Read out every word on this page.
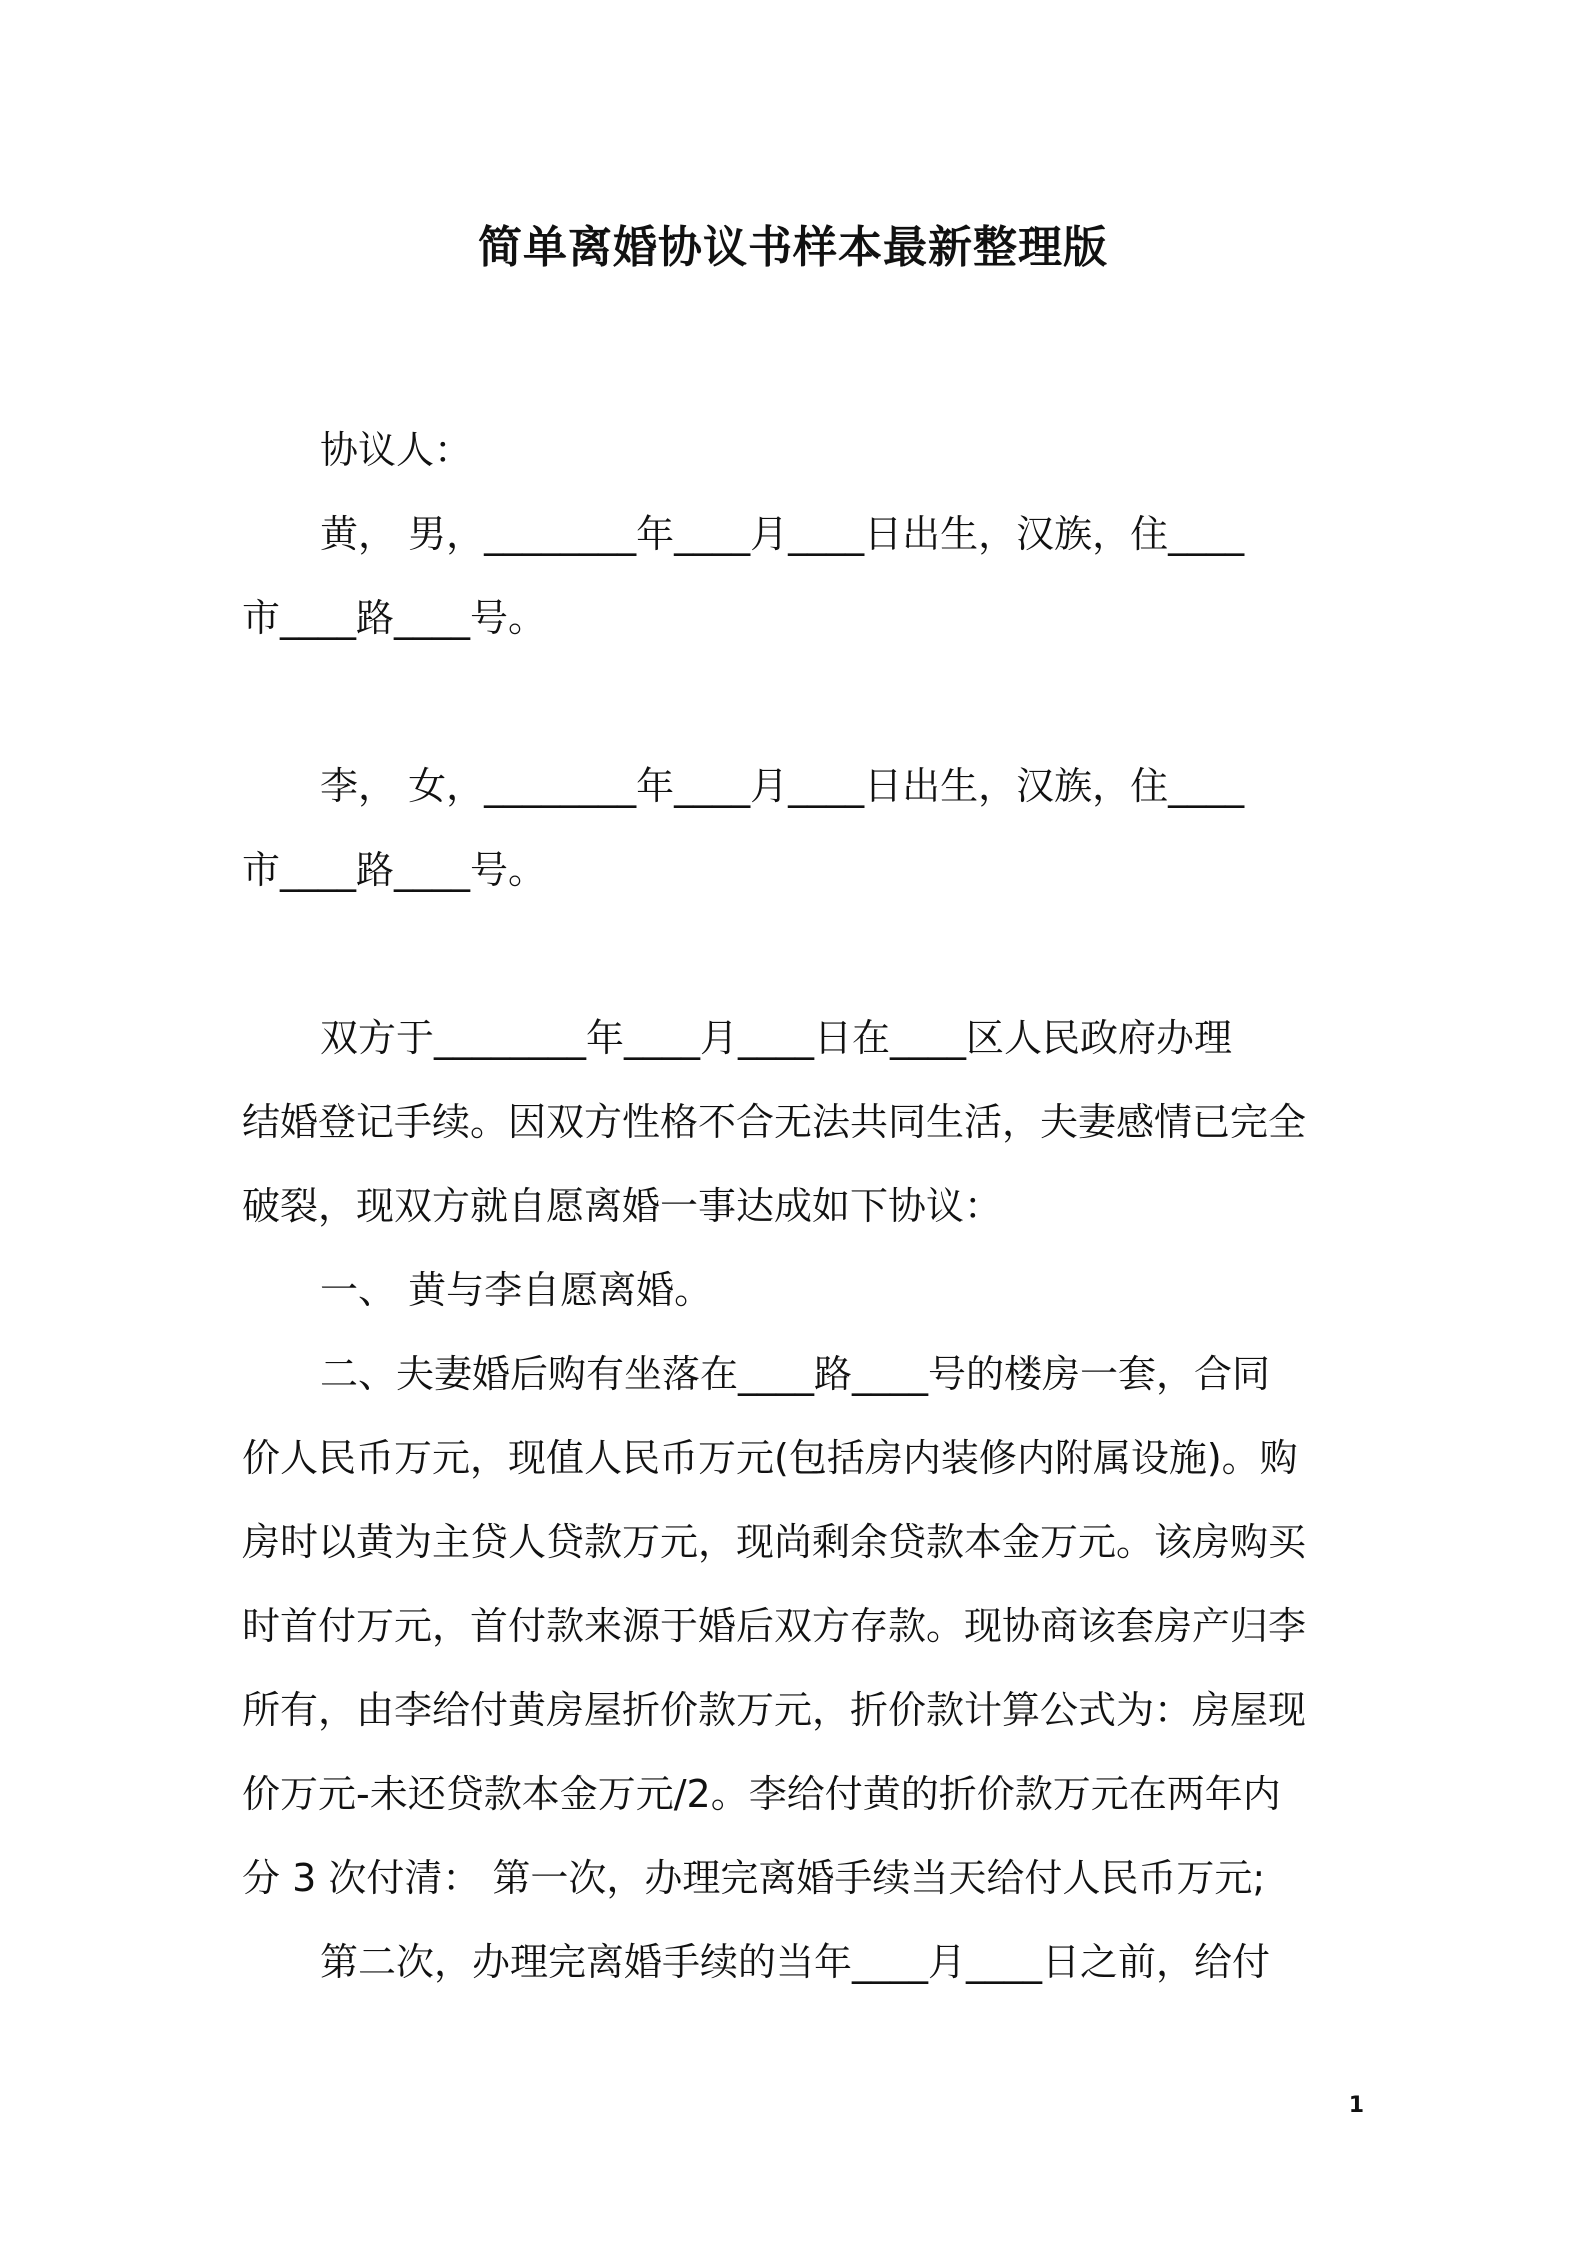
简单离婚协议书样本最新整理版

协议人：

黄， 男，________年____月____日出生，汉族，住____

市____路____号。

李， 女，________年____月____日出生，汉族，住____

市____路____号。

双方于________年____月____日在____区人民政府办理

结婚登记手续。因双方性格不合无法共同生活，夫妻感情已完全

破裂，现双方就自愿离婚一事达成如下协议：

一、 黄与李自愿离婚。

二、夫妻婚后购有坐落在____路____号的楼房一套，合同

价人民币万元，现值人民币万元(包括房内装修内附属设施)。购

房时以黄为主贷人贷款万元，现尚剩余贷款本金万元。该房购买

时首付万元，首付款来源于婚后双方存款。现协商该套房产归李

所有，由李给付黄房屋折价款万元，折价款计算公式为：房屋现

价万元-未还贷款本金万元/2。李给付黄的折价款万元在两年内

分 3 次付清： 第一次，办理完离婚手续当天给付人民币万元;

第二次，办理完离婚手续的当年____月____日之前，给付

1
